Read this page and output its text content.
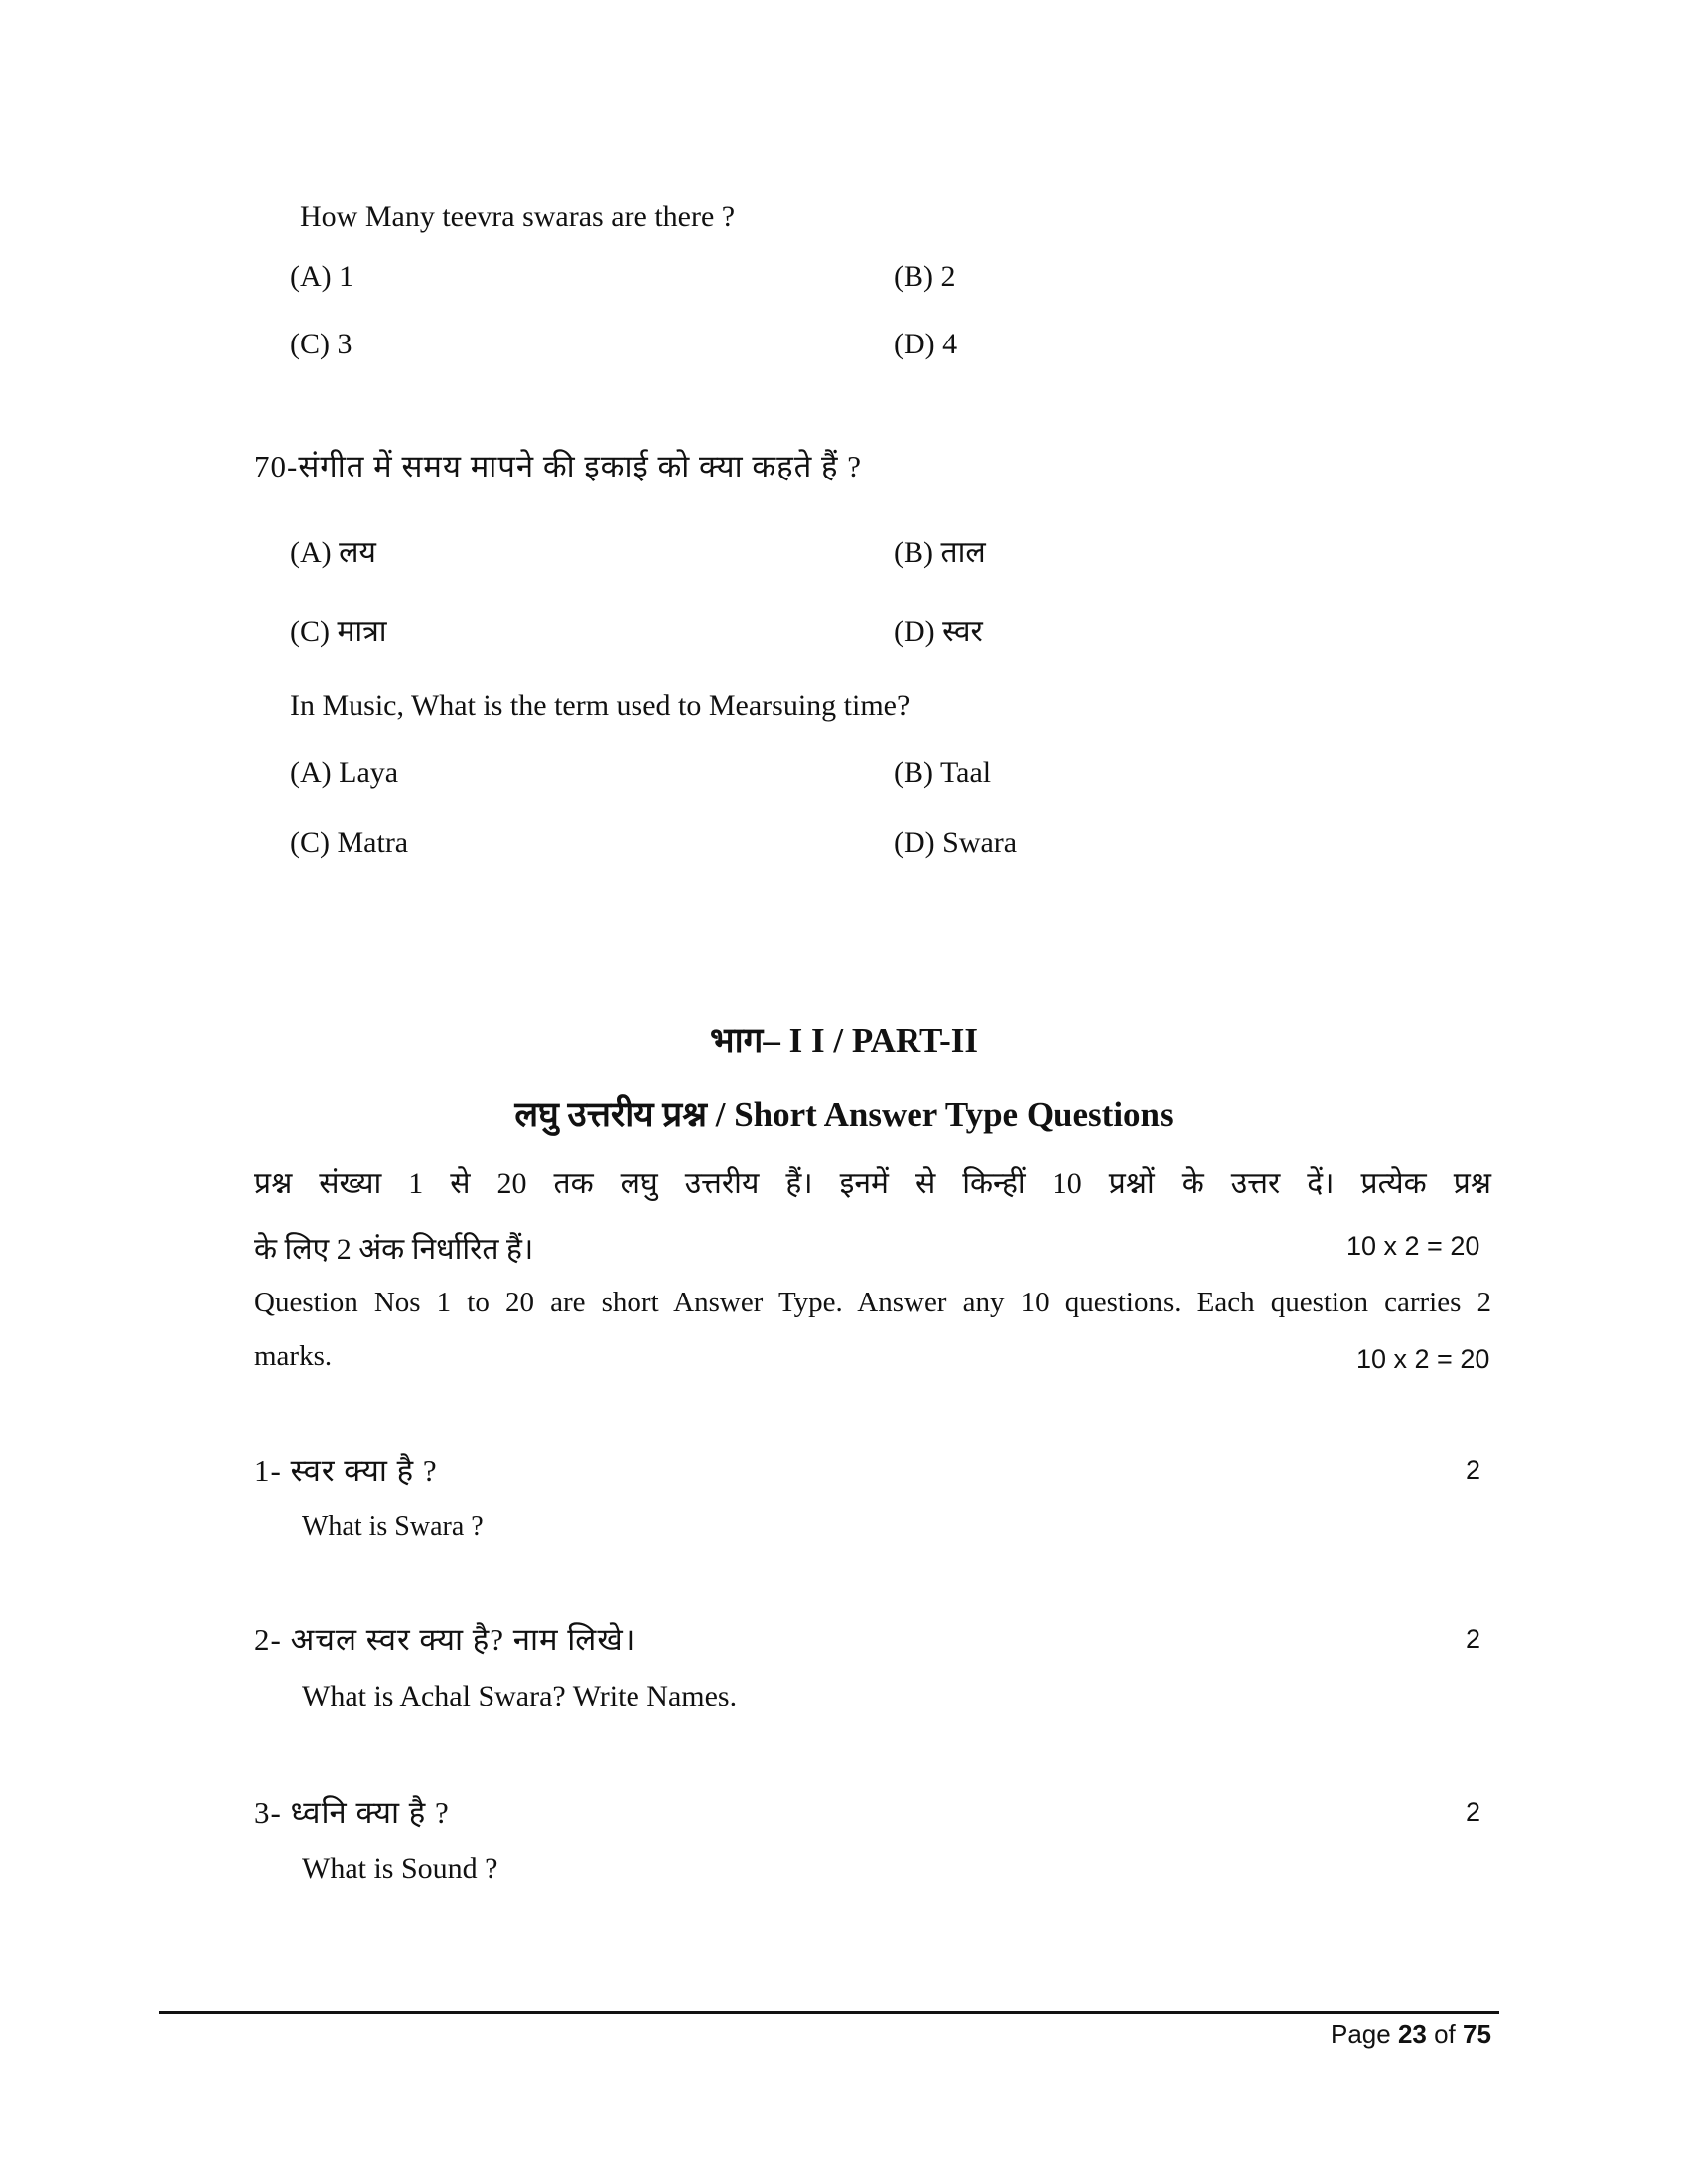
How Many teevra swaras are there ?
(A) 1	(B) 2
(C) 3	(D) 4
70-संगीत में समय मापने की इकाई को क्या कहते हैं ?
(A) लय	(B) ताल
(C) मात्रा	(D) स्वर
In Music, What is the term used to Mearsuing time?
(A) Laya	(B) Taal
(C) Matra	(D) Swara
भाग– I I / PART-II
लघु उत्तरीय प्रश्न / Short Answer Type Questions
प्रश्न संख्या 1 से 20 तक लघु उत्तरीय हैं। इनमें से किन्हीं 10 प्रश्नों के उत्तर दें। प्रत्येक प्रश्न
के लिए 2 अंक निर्धारित हैं।	10 x 2 = 20
Question Nos 1 to 20 are short Answer Type. Answer any 10 questions. Each question carries 2
marks.	10 x 2 = 20
1- स्वर क्या है ?	2
What is Swara ?
2- अचल स्वर क्या है? नाम लिखे।	2
What is Achal Swara? Write Names.
3- ध्वनि क्या है ?	2
What is Sound ?
Page 23 of 75
